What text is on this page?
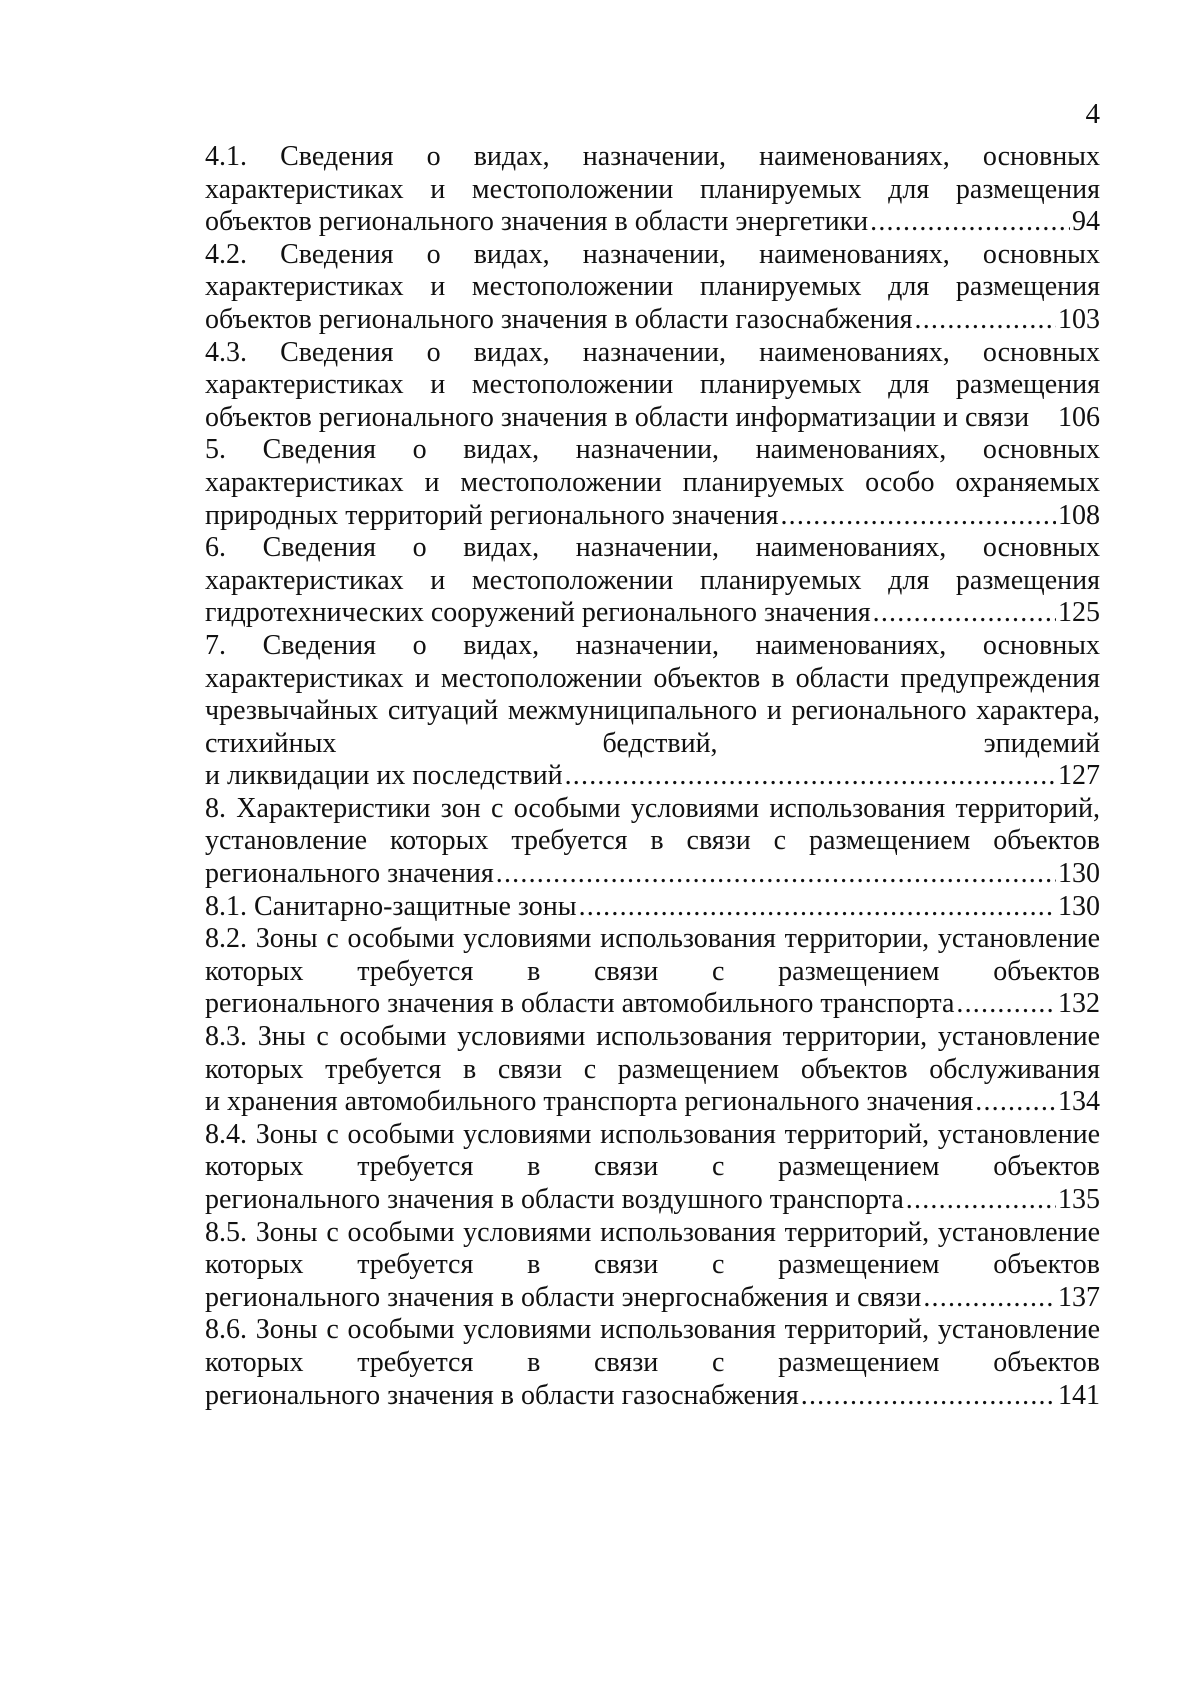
4
4.1. Сведения о видах, назначении, наименованиях, основных характеристиках и местоположении планируемых для размещения
объектов регионального значения в области энергетики .....	94
4.2. Сведения о видах, назначении, наименованиях, основных характеристиках и местоположении планируемых для размещения
объектов регионального значения в области газоснабжения .....	103
4.3. Сведения о видах, назначении, наименованиях, основных характеристиках и местоположении планируемых для размещения
объектов регионального значения в области информатизации и связи 106
5. Сведения о видах, назначении, наименованиях, основных характеристиках и местоположении планируемых особо охраняемых
природных территорий регионального значения .....	108
6. Сведения о видах, назначении, наименованиях, основных характеристиках и местоположении планируемых для размещения
гидротехнических сооружений регионального значения .....	125
7. Сведения о видах, назначении, наименованиях, основных характеристиках и местоположении объектов в области предупреждения чрезвычайных ситуаций межмуниципального и регионального характера, стихийных бедствий, эпидемий
и ликвидации их последствий .....	127
8. Характеристики зон с особыми условиями использования территорий, установление которых требуется в связи с размещением объектов
регионального значения .....	130
8.1. Санитарно-защитные зоны .....	130
8.2. Зоны с особыми условиями использования территории, установление которых требуется в связи с размещением объектов
регионального значения в области автомобильного транспорта .....	132
8.3. Зны с особыми условиями использования территории, установление которых требуется в связи с размещением объектов обслуживания
и хранения автомобильного транспорта регионального значения .....	134
8.4. Зоны с особыми условиями использования территорий, установление которых требуется в связи с размещением объектов
регионального значения в области воздушного транспорта .....	135
8.5. Зоны с особыми условиями использования территорий, установление которых требуется в связи с размещением объектов
регионального значения в области энергоснабжения и связи .....	137
8.6. Зоны с особыми условиями использования территорий, установление которых требуется в связи с размещением объектов
регионального значения в области газоснабжения .....	141
